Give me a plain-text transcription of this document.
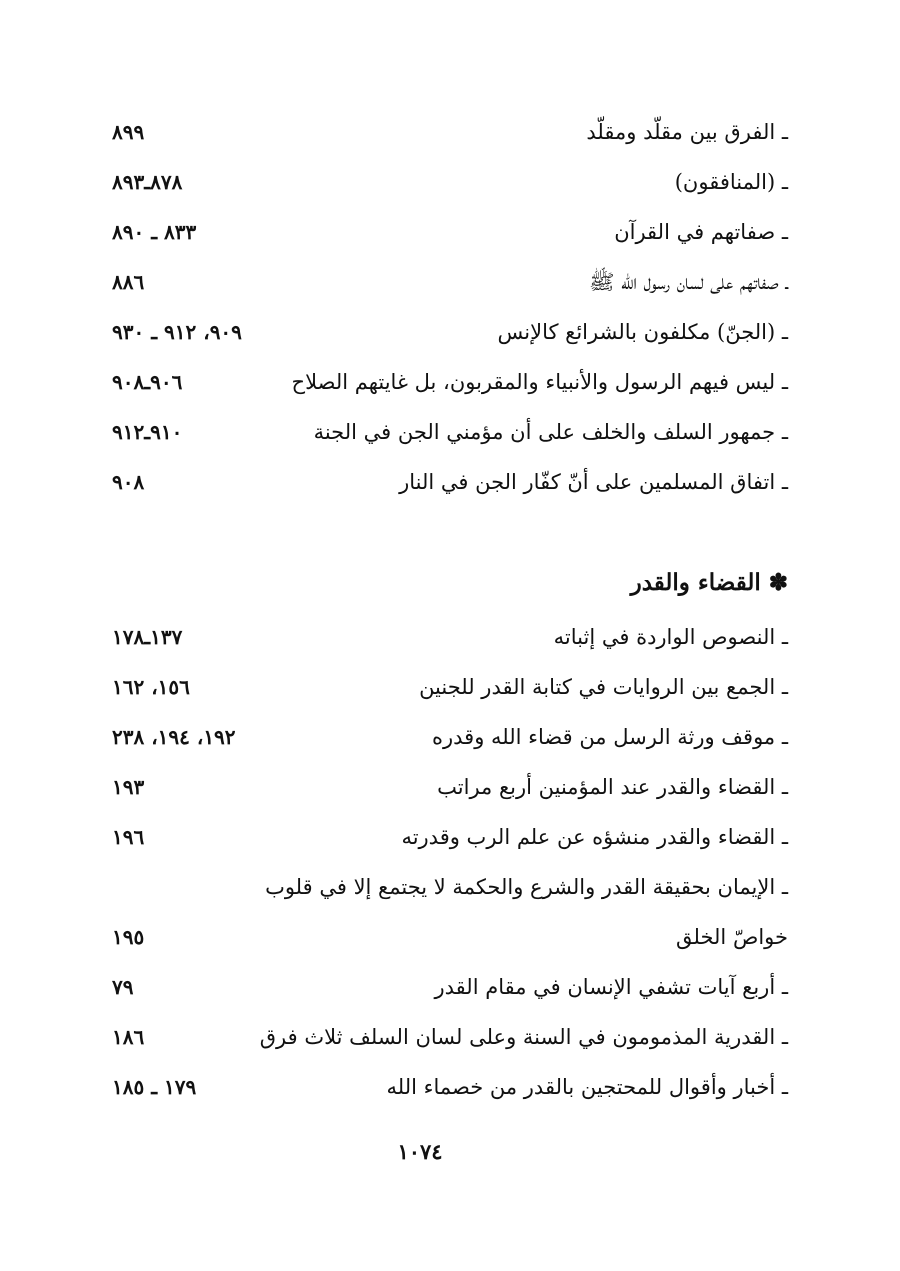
ـ الفرق بين مقلّد ومقلّد
٨٩٩
ـ (المنافقون)
٨٧٨ـ٨٩٣
ـ صفاتهم في القرآن
٨٣٣ ـ ٨٩٠
ـ صفاتهم على لسان رسول الله ﷺ
٨٨٦
ـ (الجنّ) مكلفون بالشرائع كالإنس
٩٠٩، ٩١٢ ـ ٩٣٠
ـ ليس فيهم الرسول والأنبياء والمقربون، بل غايتهم الصلاح
٩٠٦ـ٩٠٨
ـ جمهور السلف والخلف على أن مؤمني الجن في الجنة
٩١٠ـ٩١٢
ـ اتفاق المسلمين على أنّ كفّار الجن في النار
٩٠٨
✽ القضاء والقدر
ـ النصوص الواردة في إثباته
١٣٧ـ١٧٨
ـ الجمع بين الروايات في كتابة القدر للجنين
١٥٦، ١٦٢
ـ موقف ورثة الرسل من قضاء الله وقدره
١٩٢، ١٩٤، ٢٣٨
ـ القضاء والقدر عند المؤمنين أربع مراتب
١٩٣
ـ القضاء والقدر منشؤه عن علم الرب وقدرته
١٩٦
ـ الإيمان بحقيقة القدر والشرع والحكمة لا يجتمع إلا في قلوب
خواصّ الخلق
١٩٥
ـ أربع آيات تشفي الإنسان في مقام القدر
٧٩
ـ القدرية المذمومون في السنة وعلى لسان السلف ثلاث فرق
١٨٦
ـ أخبار وأقوال للمحتجين بالقدر من خصماء الله
١٧٩ ـ ١٨٥
١٠٧٤
